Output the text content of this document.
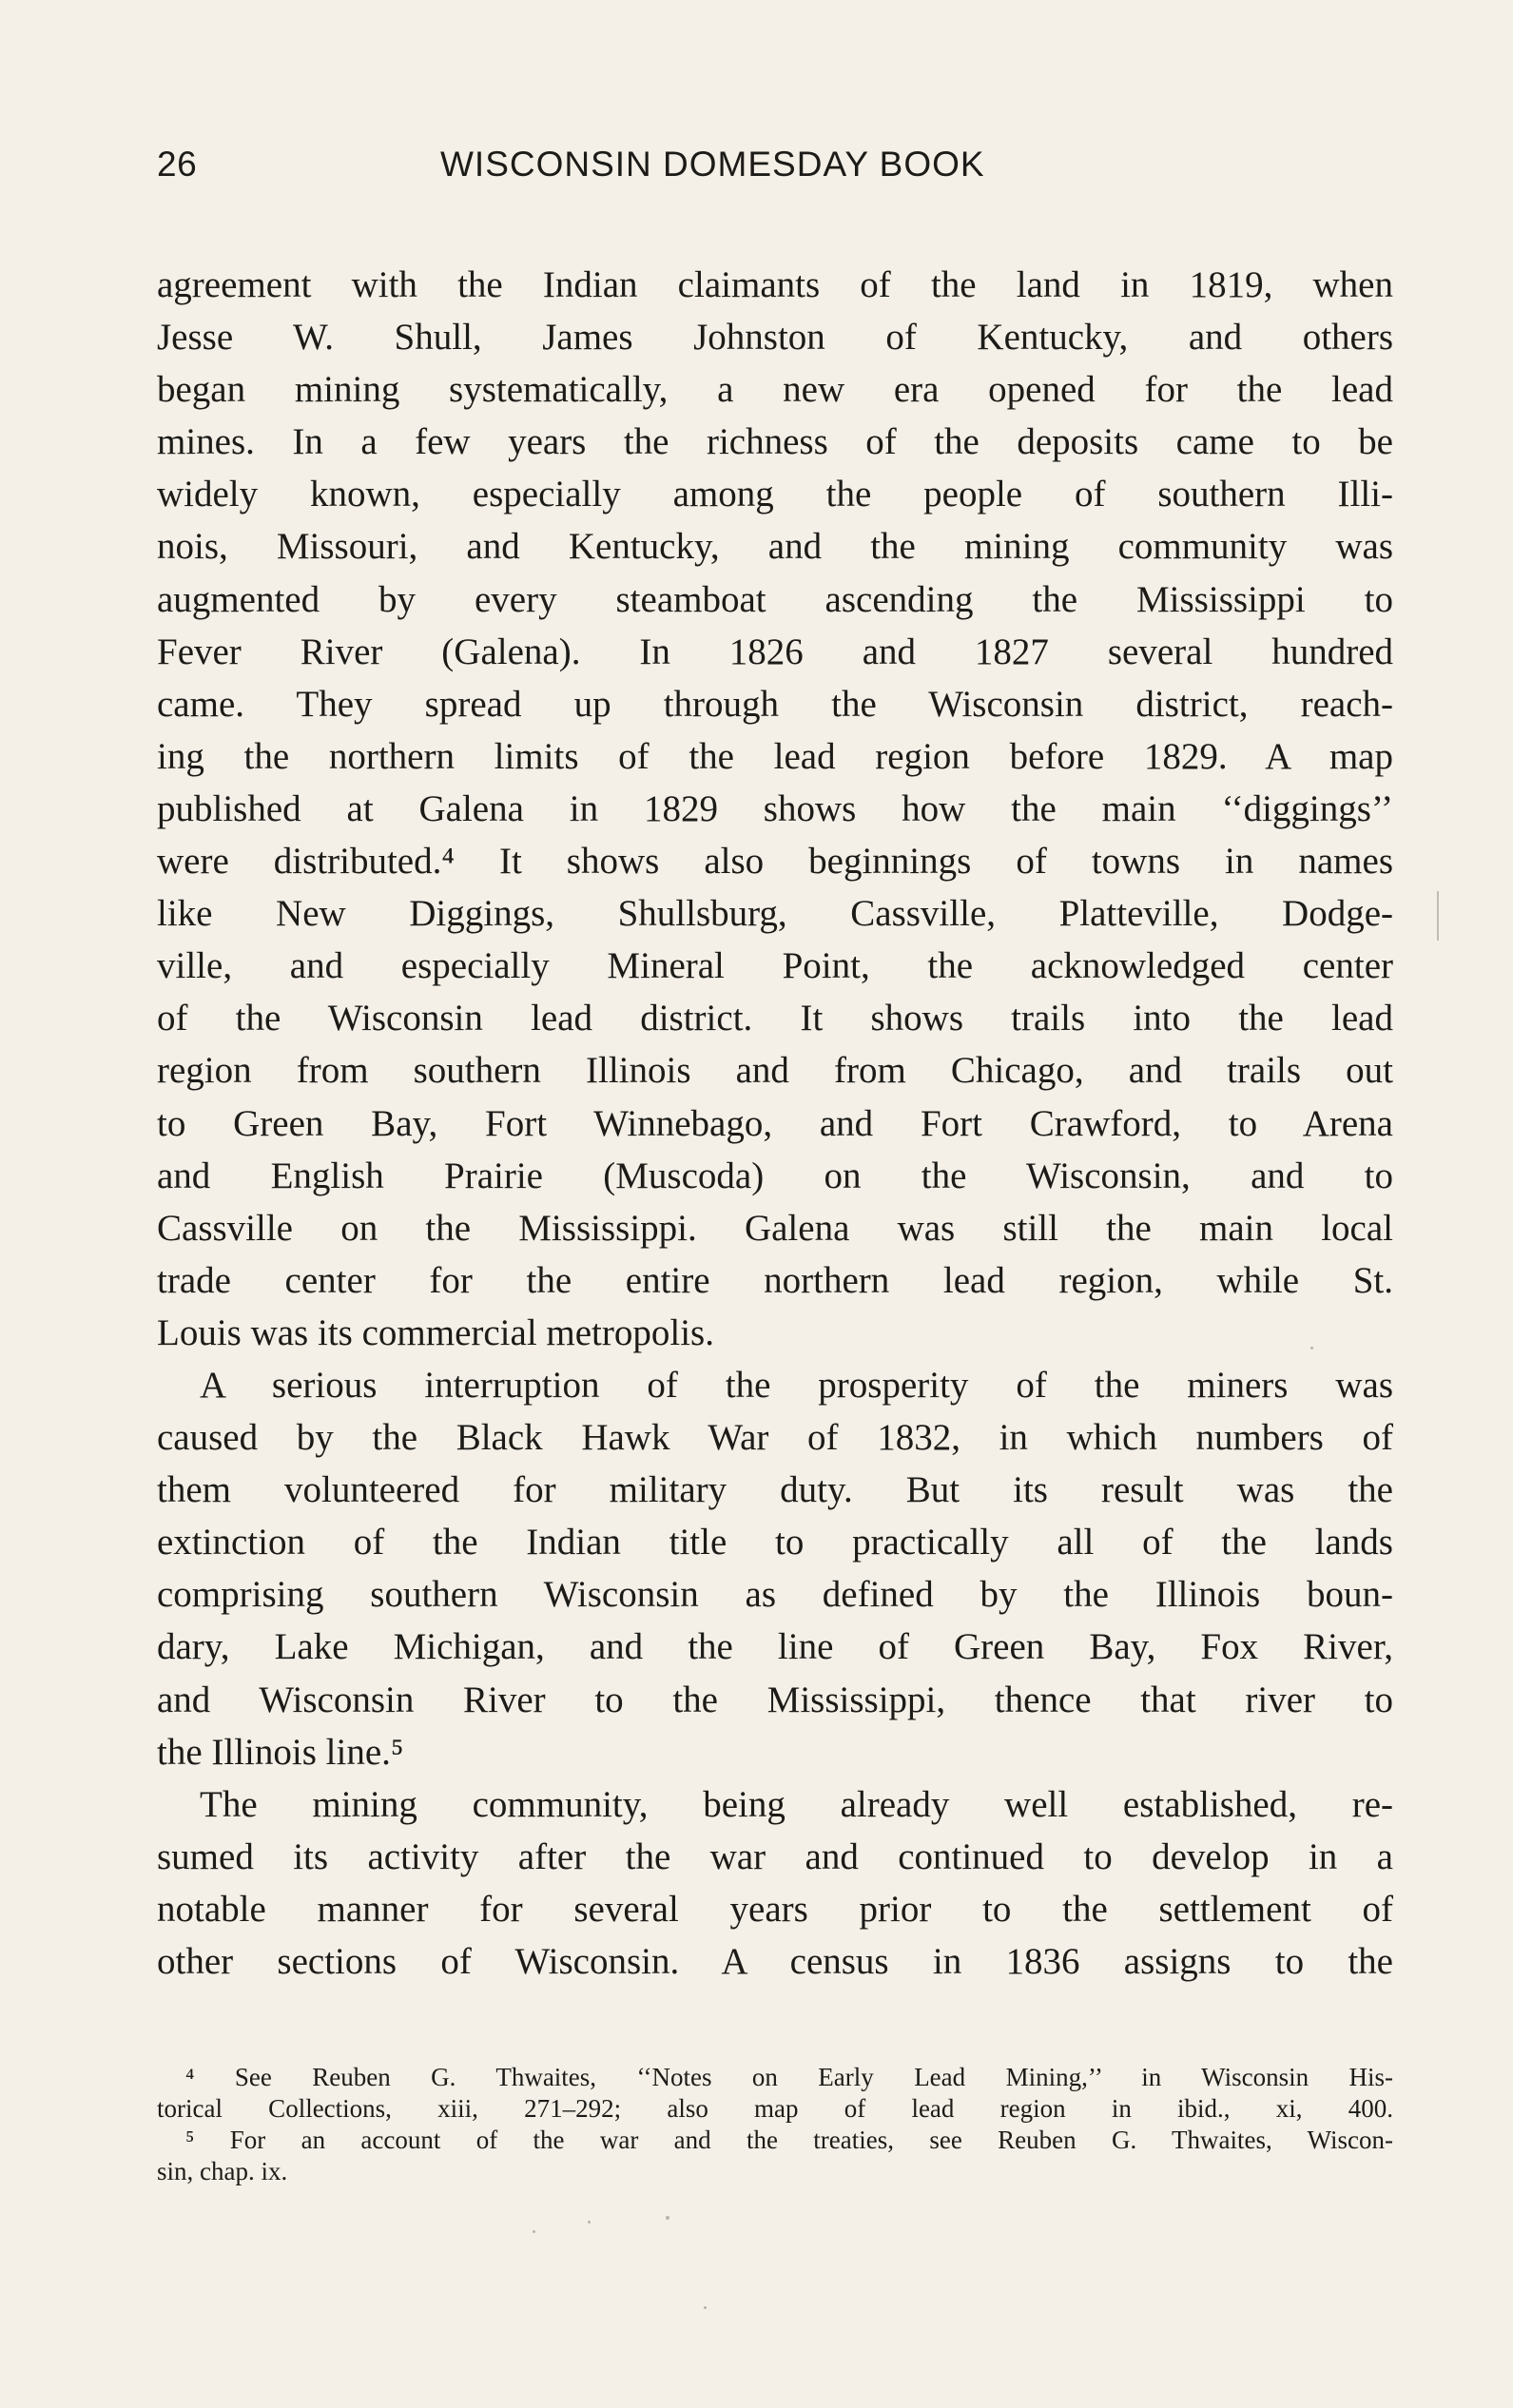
26	WISCONSIN DOMESDAY BOOK
agreement with the Indian claimants of the land in 1819, when
Jesse W. Shull, James Johnston of Kentucky, and others
began mining systematically, a new era opened for the lead
mines. In a few years the richness of the deposits came to be
widely known, especially among the people of southern Illi-
nois, Missouri, and Kentucky, and the mining community was
augmented by every steamboat ascending the Mississippi to
Fever River (Galena). In 1826 and 1827 several hundred
came. They spread up through the Wisconsin district, reach-
ing the northern limits of the lead region before 1829. A map
published at Galena in 1829 shows how the main ‘‘diggings’’
were distributed.⁴ It shows also beginnings of towns in names
like New Diggings, Shullsburg, Cassville, Platteville, Dodge-
ville, and especially Mineral Point, the acknowledged center
of the Wisconsin lead district. It shows trails into the lead
region from southern Illinois and from Chicago, and trails out
to Green Bay, Fort Winnebago, and Fort Crawford, to Arena
and English Prairie (Muscoda) on the Wisconsin, and to
Cassville on the Mississippi. Galena was still the main local
trade center for the entire northern lead region, while St.
Louis was its commercial metropolis.
A serious interruption of the prosperity of the miners was
caused by the Black Hawk War of 1832, in which numbers of
them volunteered for military duty. But its result was the
extinction of the Indian title to practically all of the lands
comprising southern Wisconsin as defined by the Illinois boun-
dary, Lake Michigan, and the line of Green Bay, Fox River,
and Wisconsin River to the Mississippi, thence that river to
the Illinois line.⁵
The mining community, being already well established, re-
sumed its activity after the war and continued to develop in a
notable manner for several years prior to the settlement of
other sections of Wisconsin. A census in 1836 assigns to the
⁴ See Reuben G. Thwaites, ‘‘Notes on Early Lead Mining,’’ in Wisconsin His-
torical Collections, xiii, 271–292; also map of lead region in ibid., xi, 400.
⁵ For an account of the war and the treaties, see Reuben G. Thwaites, Wiscon-
sin, chap. ix.
